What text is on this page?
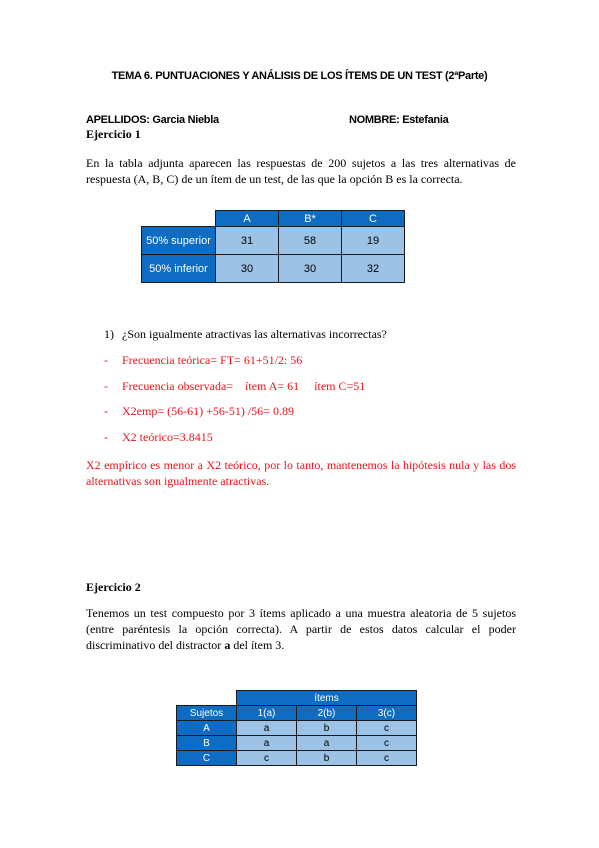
TEMA 6. PUNTUACIONES Y ANÁLISIS DE LOS ÍTEMS DE UN TEST (2ªParte)
APELLIDOS: Garcia Niebla	NOMBRE: Estefania
Ejercicio 1
En la tabla adjunta aparecen las respuestas de 200 sujetos a las tres alternativas de respuesta (A, B, C) de un ítem de un test, de las que la opción B es la correcta.
	A	B*	C
50% superior	31	58	19
50% inferior	30	30	32
1) ¿Son igualmente atractivas las alternativas incorrectas?
- Frecuencia teórica= FT= 61+51/2: 56
- Frecuencia observada=    ítem A= 61     ítem C=51
- X2emp= (56-61) +56-51) /56= 0.89
- X2 teórico=3.8415
X2 empírico es menor a X2 teórico, por lo tanto, mantenemos la hipótesis nula y las dos alternativas son igualmente atractivas.
Ejercicio 2
Tenemos un test compuesto por 3 ítems aplicado a una muestra aleatoria de 5 sujetos (entre paréntesis la opción correcta). A partir de estos datos calcular el poder discriminativo del distractor a del ítem 3.
	ítems		
Sujetos	1(a)	2(b)	3(c)
A	a	b	c
B	a	a	c
C	c	b	c
